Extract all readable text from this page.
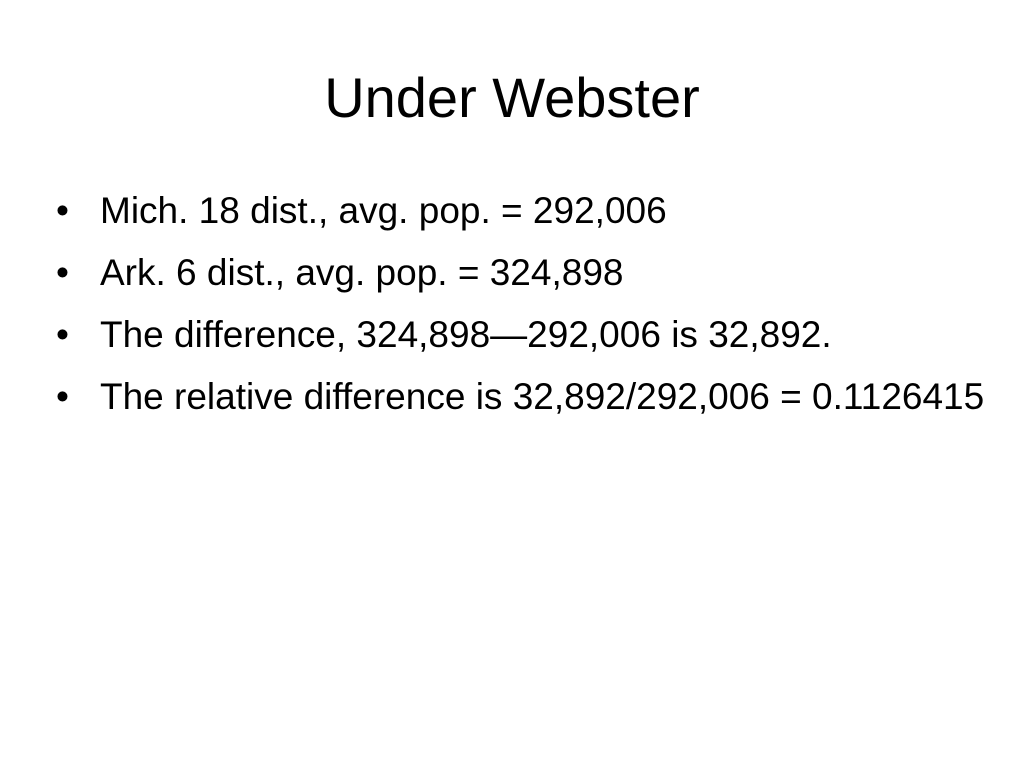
Under Webster
• Mich. 18 dist., avg. pop. = 292,006
• Ark. 6 dist., avg. pop. = 324,898
• The difference, 324,898—292,006 is 32,892.
• The relative difference is 32,892/292,006 = 0.1126415
